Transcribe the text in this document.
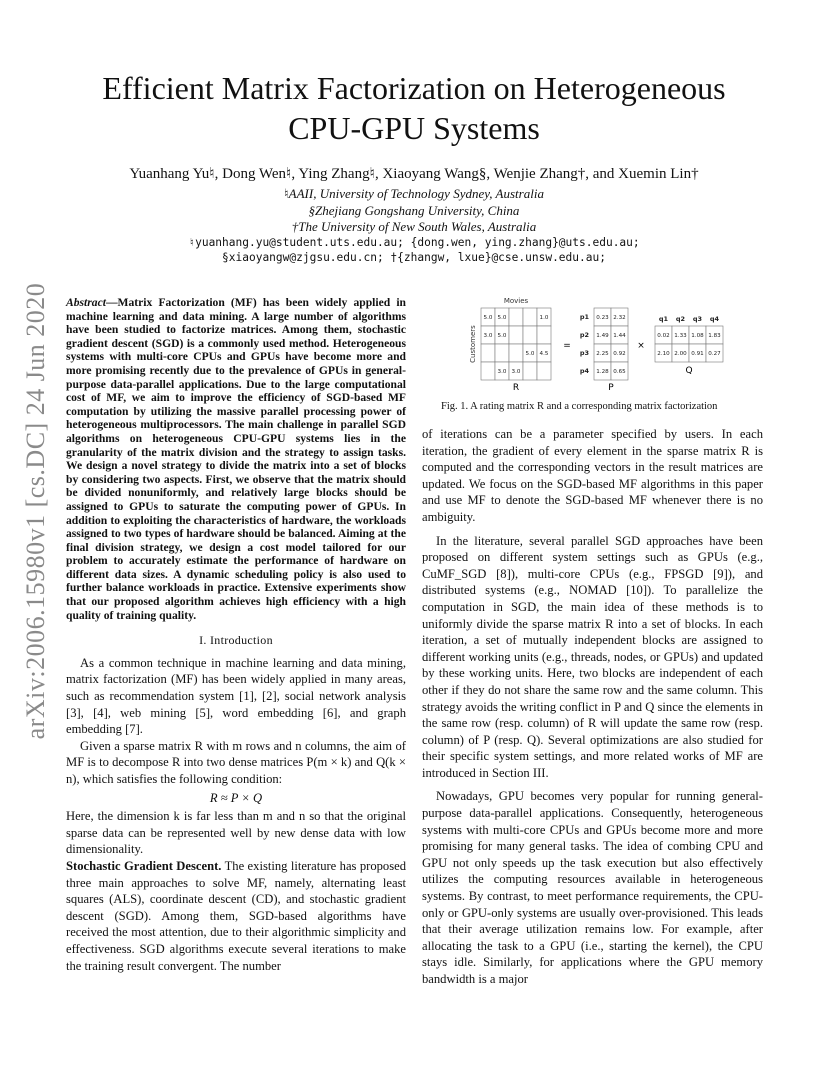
Efficient Matrix Factorization on Heterogeneous
CPU-GPU Systems
Yuanhang Yu♮, Dong Wen♮, Ying Zhang♮, Xiaoyang Wang§, Wenjie Zhang†, and Xuemin Lin†
♮AAII, University of Technology Sydney, Australia
§Zhejiang Gongshang University, China
†The University of New South Wales, Australia
♮yuanhang.yu@student.uts.edu.au; {dong.wen, ying.zhang}@uts.edu.au;
§xiaoyangw@zjgsu.edu.cn; †{zhangw, lxue}@cse.unsw.edu.au;
arXiv:2006.15980v1 [cs.DC] 24 Jun 2020 Abstract—Matrix Factorization (MF) has been widely applied in machine learning and data mining. A large number of algorithms have been studied to factorize matrices. Among them, stochastic gradient descent (SGD) is a commonly used method. Heterogeneous systems with multi-core CPUs and GPUs have become more and more promising recently due to the prevalence of GPUs in general-purpose data-parallel applications. Due to the large computational cost of MF, we aim to improve the efficiency of SGD-based MF computation by utilizing the massive parallel processing power of heterogeneous multiprocessors. The main challenge in parallel SGD algorithms on heterogeneous CPU-GPU systems lies in the granularity of the matrix division and the strategy to assign tasks. We design a novel strategy to divide the matrix into a set of blocks by considering two aspects. First, we observe that the matrix should be divided nonuniformly, and relatively large blocks should be assigned to GPUs to saturate the computing power of GPUs. In addition to exploiting the characteristics of hardware, the workloads assigned to two types of hardware should be balanced. Aiming at the final division strategy, we design a cost model tailored for our problem to accurately estimate the performance of hardware on different data sizes. A dynamic scheduling policy is also used to further balance workloads in practice. Extensive experiments show that our proposed algorithm achieves high efficiency with a high quality of training quality.

I. Introduction

As a common technique in machine learning and data mining, matrix factorization (MF) has been widely applied in many areas, such as recommendation system [1], [2], social network analysis [3], [4], web mining [5], word embedding [6], and graph embedding [7].

Given a sparse matrix R with m rows and n columns, the aim of MF is to decompose R into two dense matrices P(m × k) and Q(k × n), which satisfies the following condition:

R ≈ P × Q

Here, the dimension k is far less than m and n so that the original sparse data can be represented well by new dense data with low dimensionality.

Stochastic Gradient Descent. The existing literature has proposed three main approaches to solve MF, namely, alternating least squares (ALS), coordinate descent (CD), and stochastic gradient descent (SGD). Among them, SGD-based algorithms have received the most attention, due to their algorithmic simplicity and effectiveness. SGD algorithms execute several iterations to make the training result convergent. The number

Movies
Customers
5.0 5.0	1.0
3.0 5.0
5.0 4.5
3.0 3.0
R
=
0.23 2.32
1.49 1.44
2.25 0.92
1.28 0.65
p1
p2
p3
p4
P
×
0.02 1.33 1.08 1.83
2.10 2.00 0.91 0.27
q1 q2 q3 q4
Q
Fig. 1. A rating matrix R and a corresponding matrix factorization

of iterations can be a parameter specified by users. In each iteration, the gradient of every element in the sparse matrix R is computed and the corresponding vectors in the result matrices are updated. We focus on the SGD-based MF algorithms in this paper and use MF to denote the SGD-based MF whenever there is no ambiguity.

In the literature, several parallel SGD approaches have been proposed on different system settings such as GPUs (e.g., CuMF_SGD [8]), multi-core CPUs (e.g., FPSGD [9]), and distributed systems (e.g., NOMAD [10]). To parallelize the computation in SGD, the main idea of these methods is to uniformly divide the sparse matrix R into a set of blocks. In each iteration, a set of mutually independent blocks are assigned to different working units (e.g., threads, nodes, or GPUs) and updated by these working units. Here, two blocks are independent of each other if they do not share the same row and the same column. This strategy avoids the writing conflict in P and Q since the elements in the same row (resp. column) of R will update the same row (resp. column) of P (resp. Q). Several optimizations are also studied for their specific system settings, and more related works of MF are introduced in Section III.

Nowadays, GPU becomes very popular for running general-purpose data-parallel applications. Consequently, heterogeneous systems with multi-core CPUs and GPUs become more and more promising for many general tasks. The idea of combing CPU and GPU not only speeds up the task execution but also effectively utilizes the computing resources available in heterogeneous systems. By contrast, to meet performance requirements, the CPU-only or GPU-only systems are usually over-provisioned. This leads that their average utilization remains low. For example, after allocating the task to a GPU (i.e., starting the kernel), the CPU stays idle. Similarly, for applications where the GPU memory bandwidth is a major
